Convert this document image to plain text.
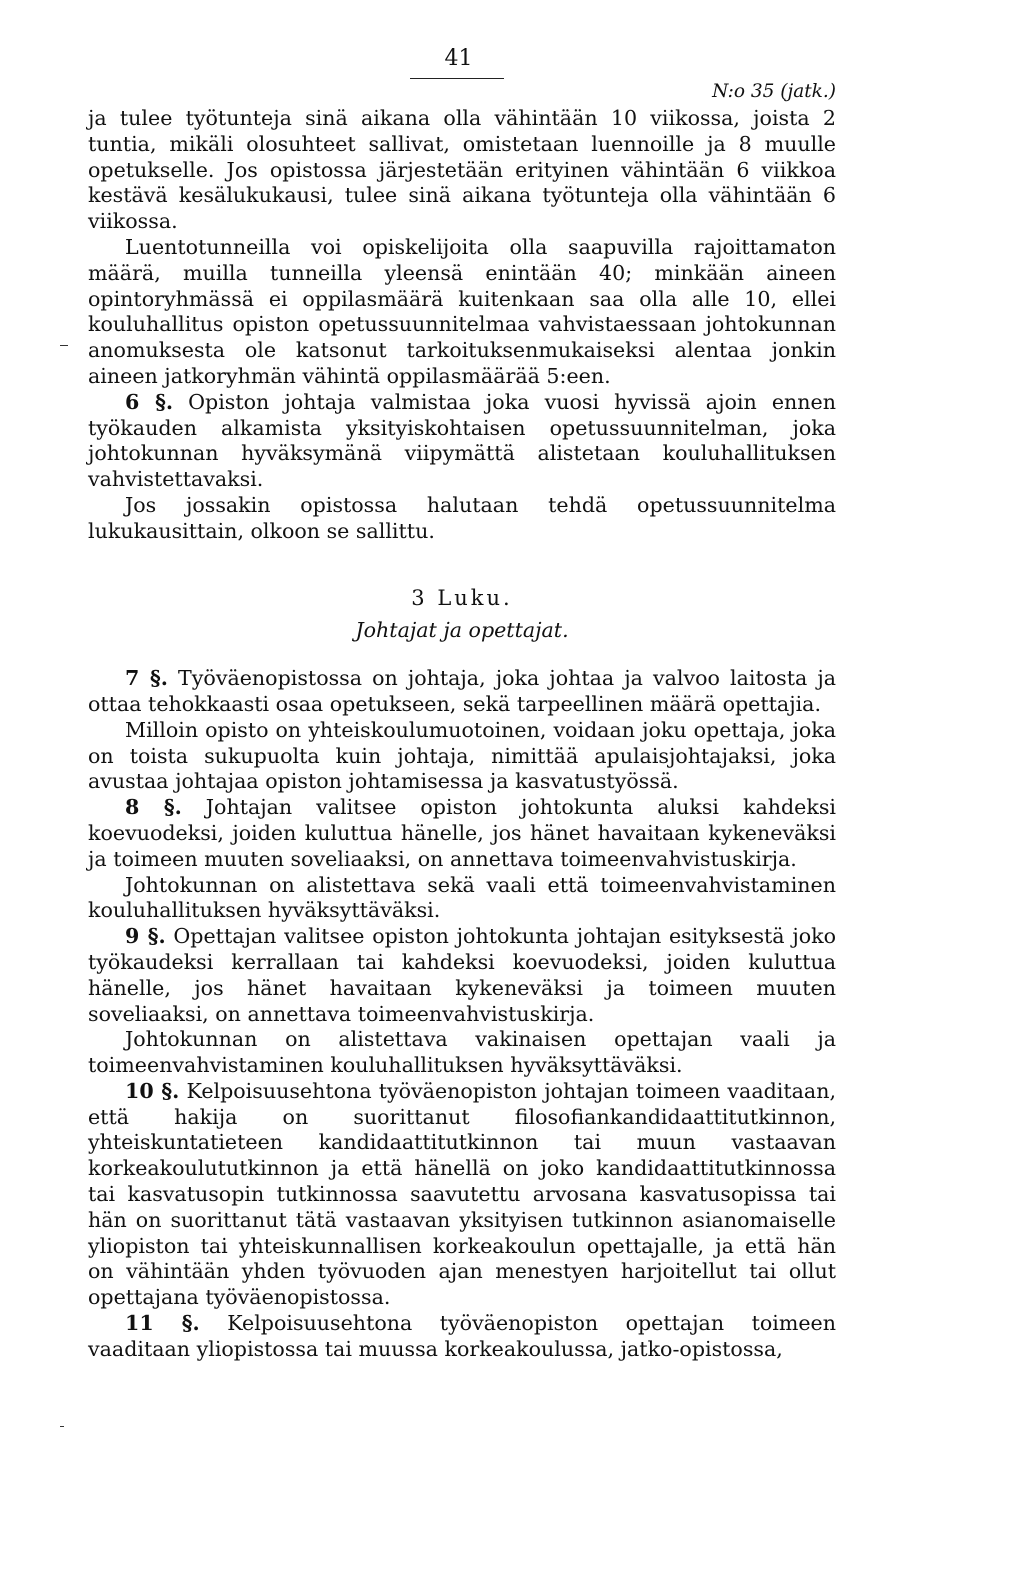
41
N:o 35 (jatk.)

ja tulee työtunteja sinä aikana olla vähintään 10 viikossa, joista 2 tuntia, mikäli olosuhteet sallivat, omistetaan luennoille ja 8 muulle opetukselle. Jos opistossa järjestetään erityinen vähintään 6 viikkoa kestävä kesälukukausi, tulee sinä aikana työtunteja olla vähintään 6 viikossa.

Luentotunneilla voi opiskelijoita olla saapuvilla rajoittamaton määrä, muilla tunneilla yleensä enintään 40; minkään aineen opintoryhmässä ei oppilasmäärä kuitenkaan saa olla alle 10, ellei kouluhallitus opiston opetussuunnitelmaa vahvistaessaan johtokunnan anomuksesta ole katsonut tarkoituksenmukaiseksi alentaa jonkin aineen jatkoryhmän vähintä oppilasmäärää 5:een.

6 §. Opiston johtaja valmistaa joka vuosi hyvissä ajoin ennen työkauden alkamista yksityiskohtaisen opetussuunnitelman, joka johtokunnan hyväksymänä viipymättä alistetaan kouluhallituksen vahvistettavaksi.

Jos jossakin opistossa halutaan tehdä opetussuunnitelma lukukausittain, olkoon se sallittu.

3 Luku.

Johtajat ja opettajat.

7 §. Työväenopistossa on johtaja, joka johtaa ja valvoo laitosta ja ottaa tehokkaasti osaa opetukseen, sekä tarpeellinen määrä opettajia.

Milloin opisto on yhteiskoulumuotoinen, voidaan joku opettaja, joka on toista sukupuolta kuin johtaja, nimittää apulaisjohtajaksi, joka avustaa johtajaa opiston johtamisessa ja kasvatustyössä.

8 §. Johtajan valitsee opiston johtokunta aluksi kahdeksi koevuodeksi, joiden kuluttua hänelle, jos hänet havaitaan kykeneväksi ja toimeen muuten soveliaaksi, on annettava toimeenvahvistuskirja.

Johtokunnan on alistettava sekä vaali että toimeenvahvistaminen kouluhallituksen hyväksyttäväksi.

9 §. Opettajan valitsee opiston johtokunta johtajan esityksestä joko työkaudeksi kerrallaan tai kahdeksi koevuodeksi, joiden kuluttua hänelle, jos hänet havaitaan kykeneväksi ja toimeen muuten soveliaaksi, on annettava toimeenvahvistuskirja.

Johtokunnan on alistettava vakinaisen opettajan vaali ja toimeenvahvistaminen kouluhallituksen hyväksyttäväksi.

10 §. Kelpoisuusehtona työväenopiston johtajan toimeen vaaditaan, että hakija on suorittanut filosofiankandidaattitutkinnon, yhteiskuntatieteen kandidaattitutkinnon tai muun vastaavan korkeakoulututkinnon ja että hänellä on joko kandidaattitutkinnossa tai kasvatusopin tutkinnossa saavutettu arvosana kasvatusopissa tai hän on suorittanut tätä vastaavan yksityisen tutkinnon asianomaiselle yliopiston tai yhteiskunnallisen korkeakoulun opettajalle, ja että hän on vähintään yhden työvuoden ajan menestyen harjoitellut tai ollut opettajana työväenopistossa.

11 §. Kelpoisuusehtona työväenopiston opettajan toimeen vaaditaan yliopistossa tai muussa korkeakoulussa, jatko-opistossa,
